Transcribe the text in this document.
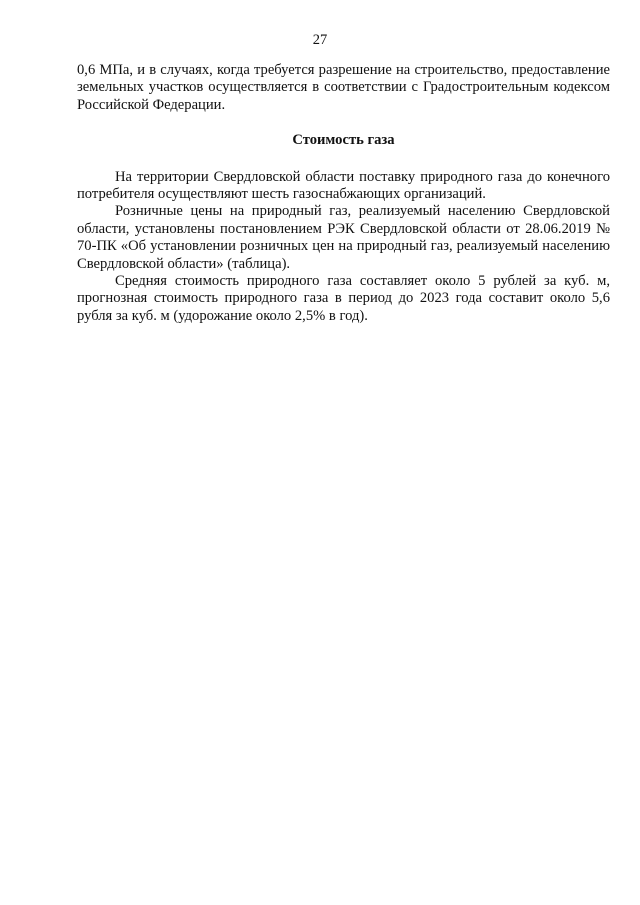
27

0,6 МПа, и в случаях, когда требуется разрешение на строительство, предоставление земельных участков осуществляется в соответствии с Градостроительным кодексом Российской Федерации.

Стоимость газа

На территории Свердловской области поставку природного газа до конечного потребителя осуществляют шесть газоснабжающих организаций.

Розничные цены на природный газ, реализуемый населению Свердловской области, установлены постановлением РЭК Свердловской области от 28.06.2019 № 70-ПК «Об установлении розничных цен на природный газ, реализуемый населению Свердловской области» (таблица).

Средняя стоимость природного газа составляет около 5 рублей за куб. м, прогнозная стоимость природного газа в период до 2023 года составит около 5,6 рубля за куб. м (удорожание около 2,5% в год).
